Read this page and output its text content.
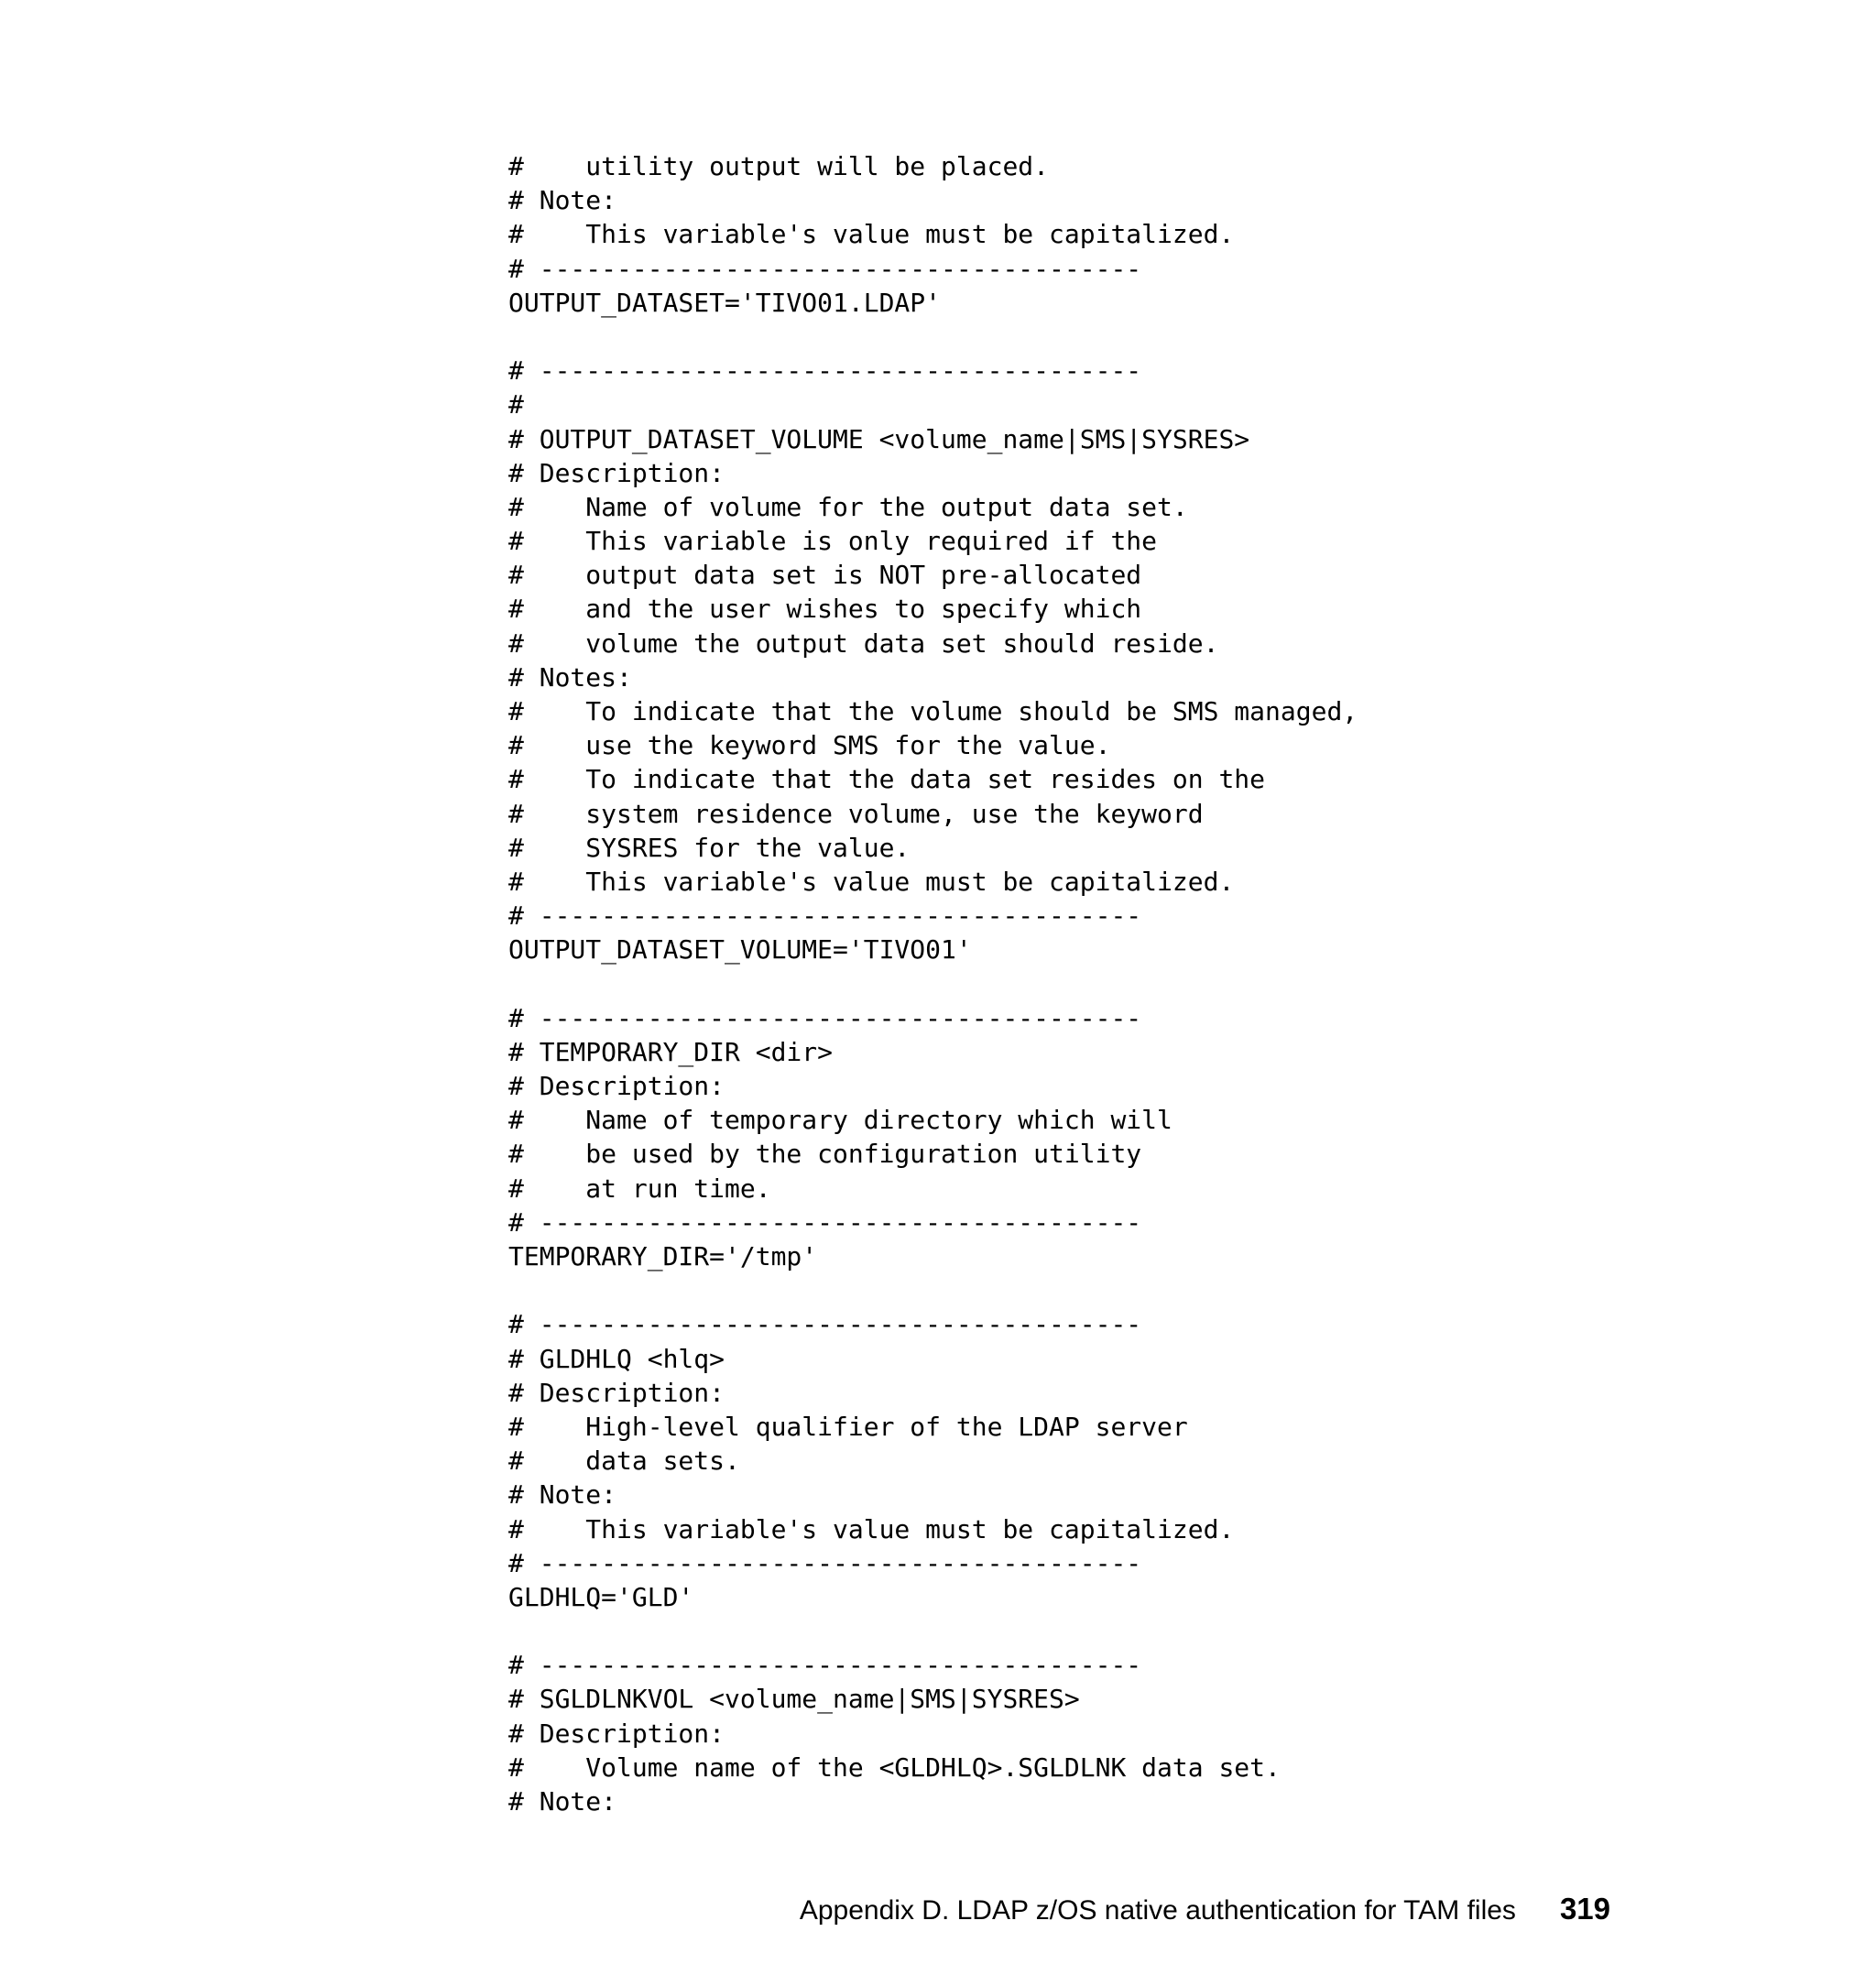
#    utility output will be placed.
# Note:
#    This variable's value must be capitalized.
# ---------------------------------------
OUTPUT_DATASET='TIVO01.LDAP'
# ---------------------------------------
#
# OUTPUT_DATASET_VOLUME <volume_name|SMS|SYSRES>
# Description:
#    Name of volume for the output data set.
#    This variable is only required if the
#    output data set is NOT pre-allocated
#    and the user wishes to specify which
#    volume the output data set should reside.
# Notes:
#    To indicate that the volume should be SMS managed,
#    use the keyword SMS for the value.
#    To indicate that the data set resides on the
#    system residence volume, use the keyword
#    SYSRES for the value.
#    This variable's value must be capitalized.
# ---------------------------------------
OUTPUT_DATASET_VOLUME='TIVO01'
# ---------------------------------------
# TEMPORARY_DIR <dir>
# Description:
#    Name of temporary directory which will
#    be used by the configuration utility
#    at run time.
# ---------------------------------------
TEMPORARY_DIR='/tmp'
# ---------------------------------------
# GLDHLQ <hlq>
# Description:
#    High-level qualifier of the LDAP server
#    data sets.
# Note:
#    This variable's value must be capitalized.
# ---------------------------------------
GLDHLQ='GLD'
# ---------------------------------------
# SGLDLNKVOL <volume_name|SMS|SYSRES>
# Description:
#    Volume name of the <GLDHLQ>.SGLDLNK data set.
# Note:
Appendix D. LDAP z/OS native authentication for TAM files 319
